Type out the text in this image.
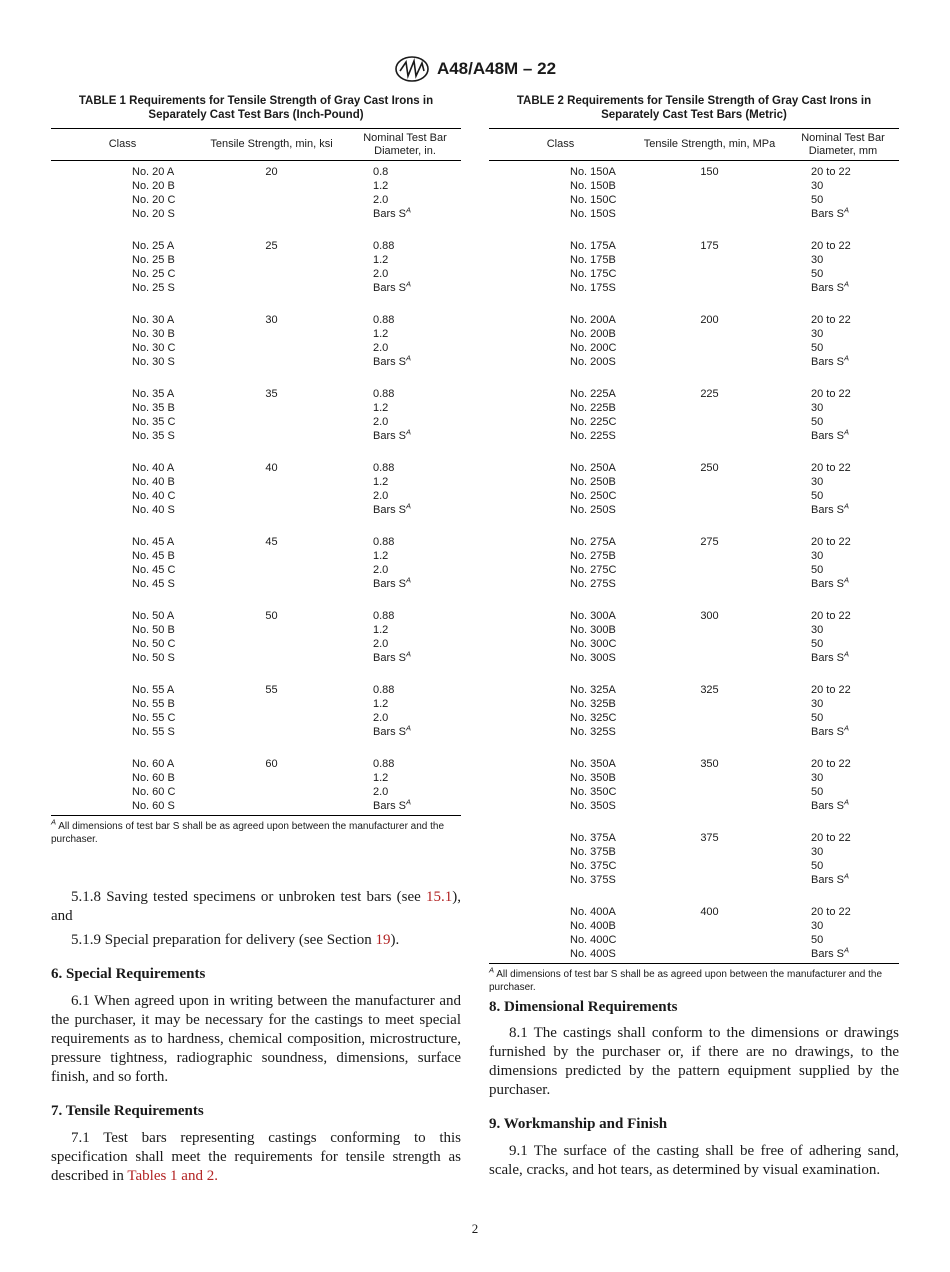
A48/A48M – 22

TABLE 1 Requirements for Tensile Strength of Gray Cast Irons in Separately Cast Test Bars (Inch-Pound)

Class	Tensile Strength, min, ksi	Nominal Test Bar Diameter, in.
No. 20 A	20	0.8
No. 20 B		1.2
No. 20 C		2.0
No. 20 S		Bars $S^A$

No. 25 A	25	0.88
No. 25 B		1.2
No. 25 C		2.0
No. 25 S		Bars $S^A$

No. 30 A	30	0.88
No. 30 B		1.2
No. 30 C		2.0
No. 30 S		Bars $S^A$

No. 35 A	35	0.88
No. 35 B		1.2
No. 35 C		2.0
No. 35 S		Bars $S^A$

No. 40 A	40	0.88
No. 40 B		1.2
No. 40 C		2.0
No. 40 S		Bars $S^A$

No. 45 A	45	0.88
No. 45 B		1.2
No. 45 C		2.0
No. 45 S		Bars $S^A$

No. 50 A	50	0.88
No. 50 B		1.2
No. 50 C		2.0
No. 50 S		Bars $S^A$

No. 55 A	55	0.88
No. 55 B		1.2
No. 55 C		2.0
No. 55 S		Bars $S^A$

No. 60 A	60	0.88
No. 60 B		1.2
No. 60 C		2.0
No. 60 S		Bars $S^A$
$^A$ All dimensions of test bar S shall be as agreed upon between the manufacturer and the purchaser.

5.1.8 Saving tested specimens or unbroken test bars (see 15.1), and

5.1.9 Special preparation for delivery (see Section 19).

6. Special Requirements

6.1 When agreed upon in writing between the manufacturer and the purchaser, it may be necessary for the castings to meet special requirements as to hardness, chemical composition, microstructure, pressure tightness, radiographic soundness, dimensions, surface finish, and so forth.

7. Tensile Requirements

7.1 Test bars representing castings conforming to this specification shall meet the requirements for tensile strength as described in Tables 1 and 2.

TABLE 2 Requirements for Tensile Strength of Gray Cast Irons in Separately Cast Test Bars (Metric)

Class	Tensile Strength, min, MPa	Nominal Test Bar Diameter, mm
No. 150A	150	20 to 22
No. 150B		30
No. 150C		50
No. 150S		Bars $S^A$

No. 175A	175	20 to 22
No. 175B		30
No. 175C		50
No. 175S		Bars $S^A$

No. 200A	200	20 to 22
No. 200B		30
No. 200C		50
No. 200S		Bars $S^A$

No. 225A	225	20 to 22
No. 225B		30
No. 225C		50
No. 225S		Bars $S^A$

No. 250A	250	20 to 22
No. 250B		30
No. 250C		50
No. 250S		Bars $S^A$

No. 275A	275	20 to 22
No. 275B		30
No. 275C		50
No. 275S		Bars $S^A$

No. 300A	300	20 to 22
No. 300B		30
No. 300C		50
No. 300S		Bars $S^A$

No. 325A	325	20 to 22
No. 325B		30
No. 325C		50
No. 325S		Bars $S^A$

No. 350A	350	20 to 22
No. 350B		30
No. 350C		50
No. 350S		Bars $S^A$

No. 375A	375	20 to 22
No. 375B		30
No. 375C		50
No. 375S		Bars $S^A$

No. 400A	400	20 to 22
No. 400B		30
No. 400C		50
No. 400S		Bars $S^A$
$^A$ All dimensions of test bar S shall be as agreed upon between the manufacturer and the purchaser.

8. Dimensional Requirements

8.1 The castings shall conform to the dimensions or drawings furnished by the purchaser or, if there are no drawings, to the dimensions predicted by the pattern equipment supplied by the purchaser.

9. Workmanship and Finish

9.1 The surface of the casting shall be free of adhering sand, scale, cracks, and hot tears, as determined by visual examination.

2
